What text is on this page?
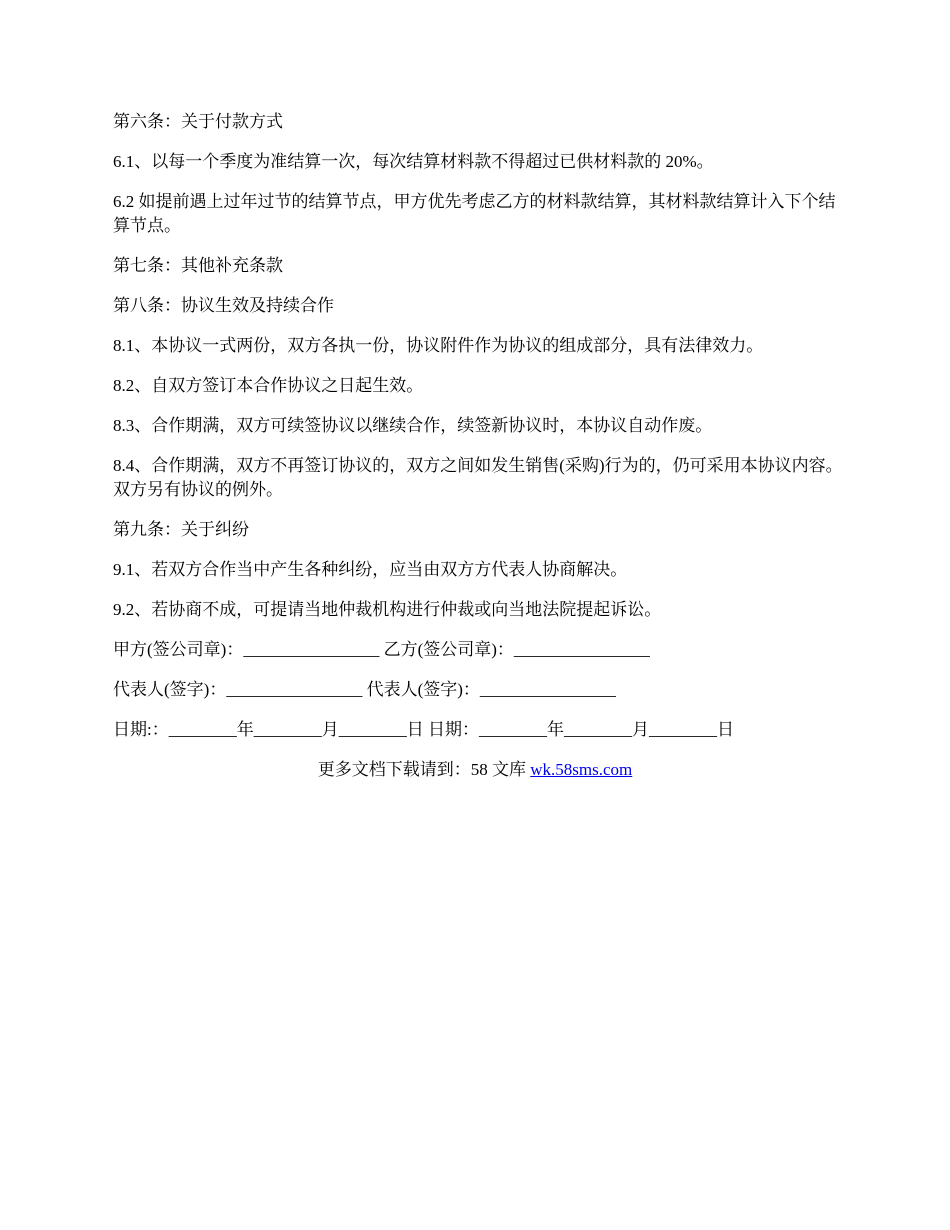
第六条：关于付款方式

6.1、以每一个季度为准结算一次，每次结算材料款不得超过已供材料款的 20%。

6.2 如提前遇上过年过节的结算节点，甲方优先考虑乙方的材料款结算，其材料款结算计入下个结算节点。

第七条：其他补充条款

第八条：协议生效及持续合作

8.1、本协议一式两份，双方各执一份，协议附件作为协议的组成部分，具有法律效力。

8.2、自双方签订本合作协议之日起生效。

8.3、合作期满，双方可续签协议以继续合作，续签新协议时，本协议自动作废。

8.4、合作期满，双方不再签订协议的，双方之间如发生销售(采购)行为的，仍可采用本协议内容。双方另有协议的例外。

第九条：关于纠纷

9.1、若双方合作当中产生各种纠纷，应当由双方方代表人协商解决。

9.2、若协商不成，可提请当地仲裁机构进行仲裁或向当地法院提起诉讼。

甲方(签公司章)：________________ 乙方(签公司章)：________________

代表人(签字)：________________ 代表人(签字)：________________

日期:：________年________月________日 日期：________年________月________日

更多文档下载请到：58 文库 wk.58sms.com
